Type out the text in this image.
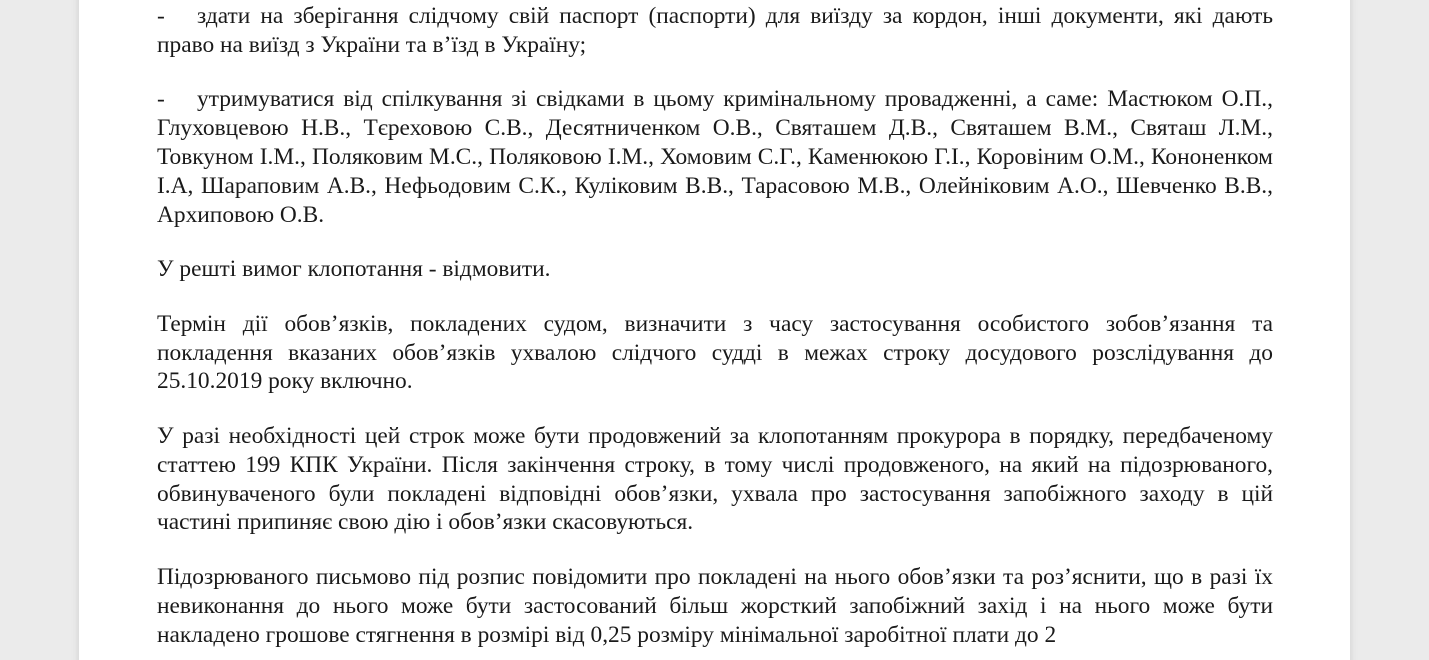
- здати на зберігання слідчому свій паспорт (паспорти) для виїзду за кордон, інші документи, які дають право на виїзд з України та в’їзд в Україну;

- утримуватися від спілкування зі свідками в цьому кримінальному провадженні, а саме: Мастюком О.П., Глуховцевою Н.В., Тєреховою С.В., Десятниченком О.В., Святашем Д.В., Святашем В.М., Святаш Л.М., Товкуном І.М., Поляковим М.С., Поляковою І.М., Хомовим С.Г., Каменюкою Г.І., Коровіним О.М., Кононенком І.А, Шараповим А.В., Нефьодовим С.К., Куліковим В.В., Тарасовою М.В., Олейніковим А.О., Шевченко В.В., Архиповою О.В.

У решті вимог клопотання - відмовити.

Термін дії обов’язків, покладених судом, визначити з часу застосування особистого зобов’язання та покладення вказаних обов’язків ухвалою слідчого судді в межах строку досудового розслідування до 25.10.2019 року включно.

У разі необхідності цей строк може бути продовжений за клопотанням прокурора в порядку, передбаченому статтею 199 КПК України. Після закінчення строку, в тому числі продовженого, на який на підозрюваного, обвинуваченого були покладені відповідні обов’язки, ухвала про застосування запобіжного заходу в цій частині припиняє свою дію і обов’язки скасовуються.

Підозрюваного письмово під розпис повідомити про покладені на нього обов’язки та роз’яснити, що в разі їх невиконання до нього може бути застосований більш жорсткий запобіжний захід і на нього може бути накладено грошове стягнення в розмірі від 0,25 розміру мінімальної заробітної плати до 2
